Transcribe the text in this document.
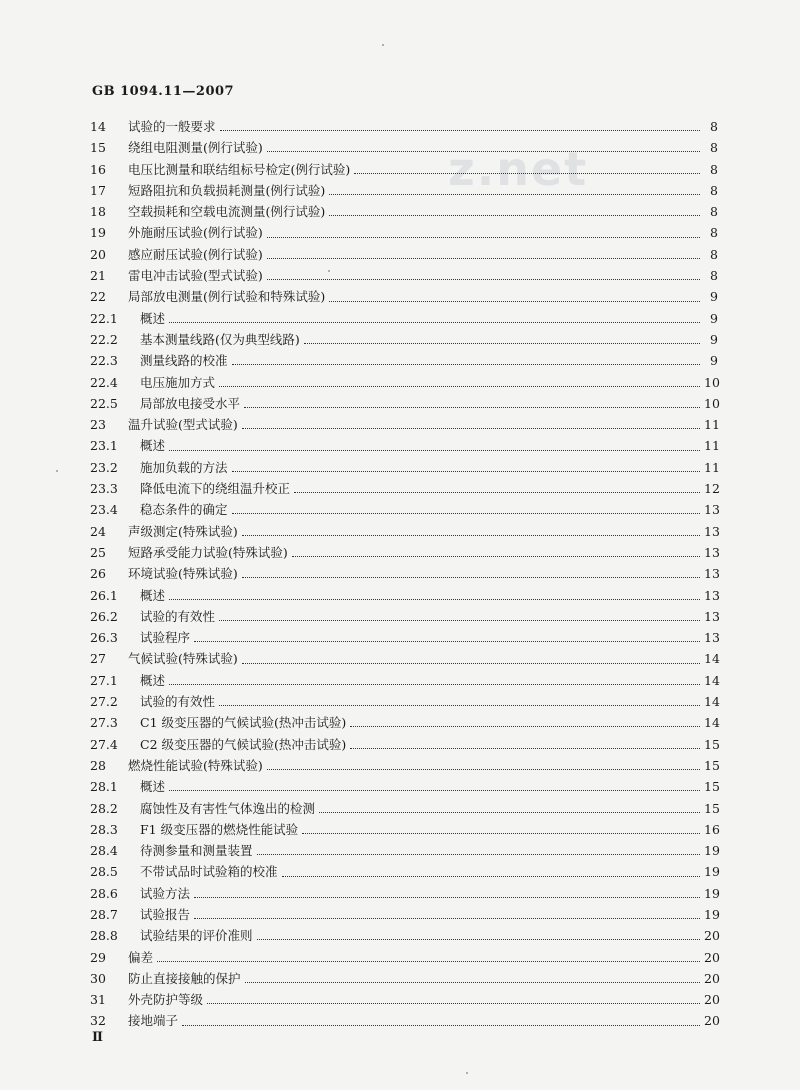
z.net
GB 1094.11—2007
14	试验的一般要求	8
15	绕组电阻测量(例行试验)	8
16	电压比测量和联结组标号检定(例行试验)	8
17	短路阻抗和负载损耗测量(例行试验)	8
18	空载损耗和空载电流测量(例行试验)	8
19	外施耐压试验(例行试验)	8
20	感应耐压试验(例行试验)	8
21	雷电冲击试验(型式试验)	8
22	局部放电测量(例行试验和特殊试验)	9
22.1	概述	9
22.2	基本测量线路(仅为典型线路)	9
22.3	测量线路的校准	9
22.4	电压施加方式	10
22.5	局部放电接受水平	10
23	温升试验(型式试验)	11
23.1	概述	11
23.2	施加负载的方法	11
23.3	降低电流下的绕组温升校正	12
23.4	稳态条件的确定	13
24	声级测定(特殊试验)	13
25	短路承受能力试验(特殊试验)	13
26	环境试验(特殊试验)	13
26.1	概述	13
26.2	试验的有效性	13
26.3	试验程序	13
27	气候试验(特殊试验)	14
27.1	概述	14
27.2	试验的有效性	14
27.3	C1 级变压器的气候试验(热冲击试验)	14
27.4	C2 级变压器的气候试验(热冲击试验)	15
28	燃烧性能试验(特殊试验)	15
28.1	概述	15
28.2	腐蚀性及有害性气体逸出的检测	15
28.3	F1 级变压器的燃烧性能试验	16
28.4	待测参量和测量装置	19
28.5	不带试品时试验箱的校准	19
28.6	试验方法	19
28.7	试验报告	19
28.8	试验结果的评价准则	20
29	偏差	20
30	防止直接接触的保护	20
31	外壳防护等级	20
32	接地端子	20
Ⅱ
